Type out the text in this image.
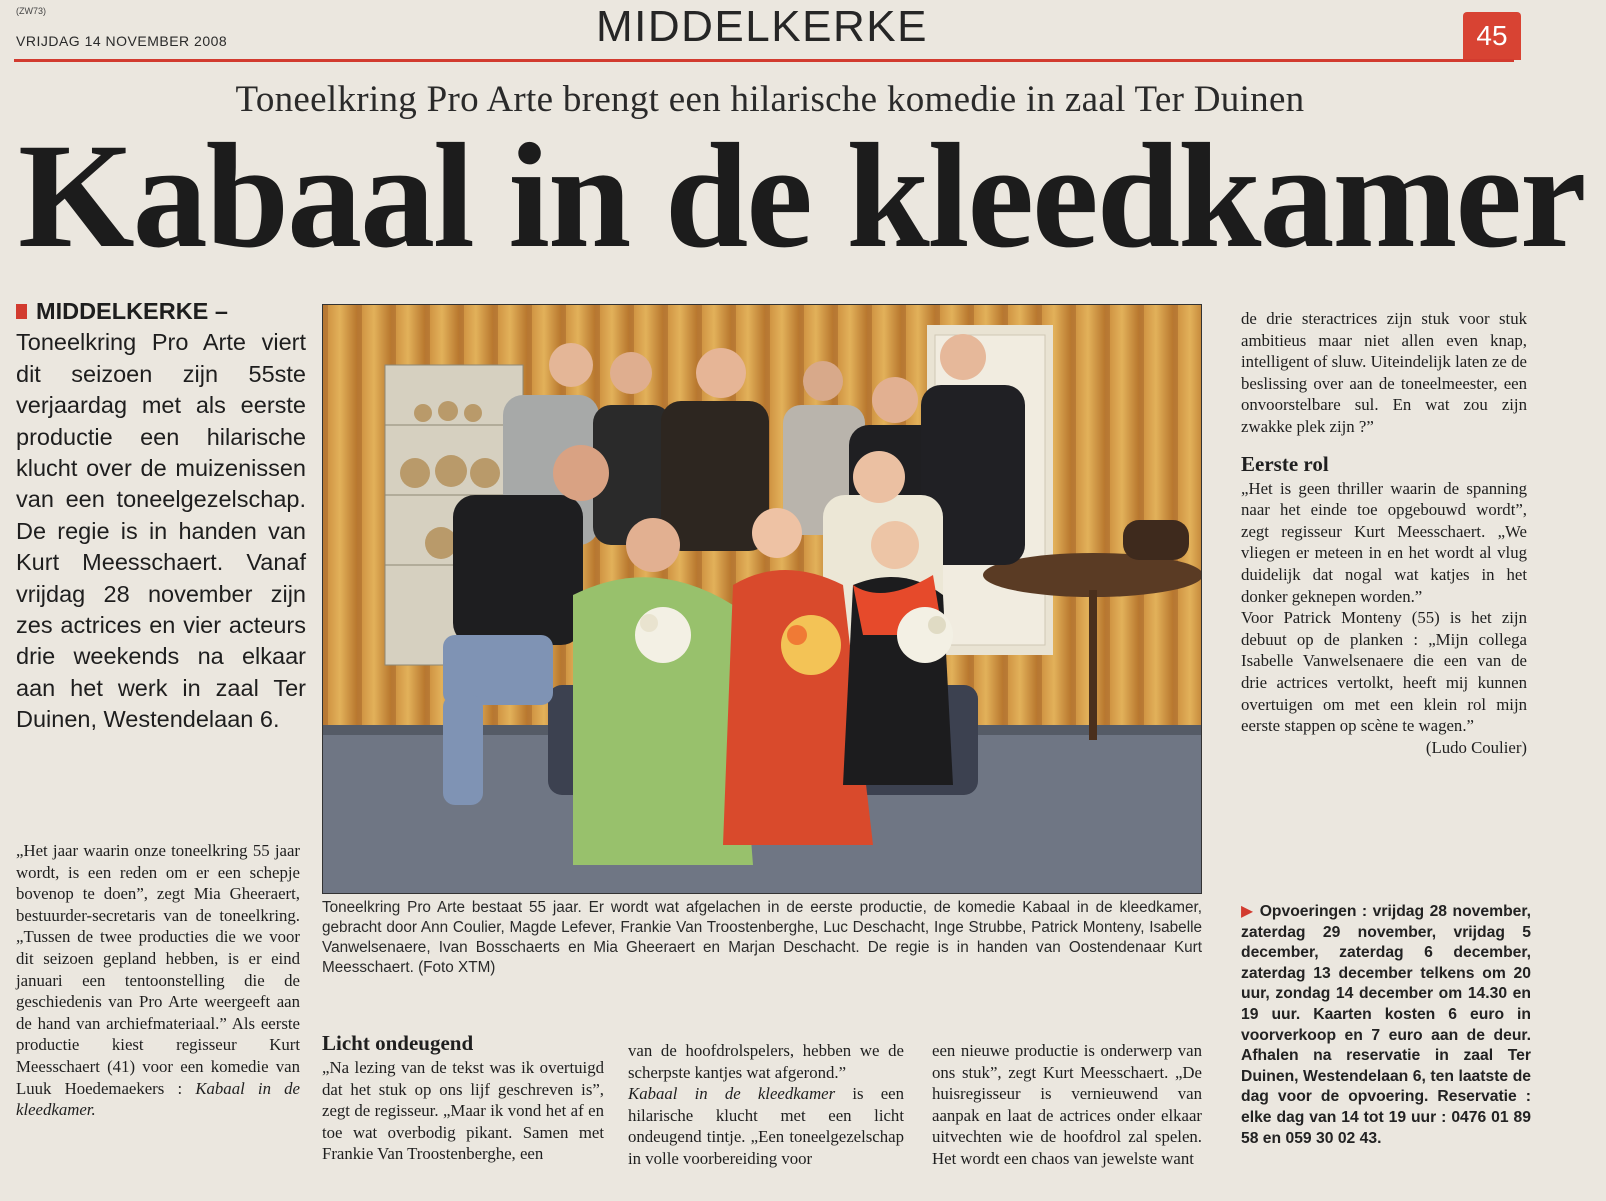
(ZW73)
VRIJDAG 14 NOVEMBER 2008	MIDDELKERKE	45
Toneelkring Pro Arte brengt een hilarische komedie in zaal Ter Duinen
Kabaal in de kleedkamer
MIDDELKERKE –

Toneelkring Pro Arte viert dit seizoen zijn 55ste verjaardag met als eerste productie een hilarische klucht over de muizenissen van een toneelgezelschap. De regie is in handen van Kurt Meesschaert. Vanaf vrijdag 28 november zijn zes actrices en vier acteurs drie weekends na elkaar aan het werk in zaal Ter Duinen, Westendelaan 6.

„Het jaar waarin onze toneelkring 55 jaar wordt, is een reden om er een schepje bovenop te doen”, zegt Mia Gheeraert, bestuurder-secretaris van de toneelkring. „Tussen de twee producties die we voor dit seizoen gepland hebben, is er eind januari een tentoonstelling die de geschiedenis van Pro Arte weergeeft aan de hand van archiefmateriaal.” Als eerste productie kiest regisseur Kurt Meesschaert (41) voor een komedie van Luuk Hoedemaekers : Kabaal in de kleedkamer.

Toneelkring Pro Arte bestaat 55 jaar. Er wordt wat afgelachen in de eerste productie, de komedie Kabaal in de kleedkamer, gebracht door Ann Coulier, Magde Lefever, Frankie Van Troostenberghe, Luc Deschacht, Inge Strubbe, Patrick Monteny, Isabelle Vanwelsenaere, Ivan Bosschaerts en Mia Gheeraert en Marjan Deschacht. De regie is in handen van Oostendenaar Kurt Meesschaert. (Foto XTM)
Licht ondeugend

„Na lezing van de tekst was ik overtuigd dat het stuk op ons lijf geschreven is”, zegt de regisseur. „Maar ik vond het af en toe wat overbodig pikant. Samen met Frankie Van Troostenberghe, een

van de hoofdrolspelers, hebben we de scherpste kantjes wat afgerond.”

Kabaal in de kleedkamer is een hilarische klucht met een licht ondeugend tintje. „Een toneelgezelschap in volle voorbereiding voor

een nieuwe productie is onderwerp van ons stuk”, zegt Kurt Meesschaert. „De huisregisseur is vernieuwend van aanpak en laat de actrices onder elkaar uitvechten wie de hoofdrol zal spelen. Het wordt een chaos van jewelste want

de drie steractrices zijn stuk voor stuk ambitieus maar niet allen even knap, intelligent of sluw. Uiteindelijk laten ze de beslissing over aan de toneelmeester, een onvoorstelbare sul. En wat zou zijn zwakke plek zijn ?”

Eerste rol

„Het is geen thriller waarin de spanning naar het einde toe opgebouwd wordt”, zegt regisseur Kurt Meesschaert. „We vliegen er meteen in en het wordt al vlug duidelijk dat nogal wat katjes in het donker geknepen worden.”

Voor Patrick Monteny (55) is het zijn debuut op de planken : „Mijn collega Isabelle Vanwelsenaere die een van de drie actrices vertolkt, heeft mij kunnen overtuigen om met een klein rol mijn eerste stappen op scène te wagen.”

(Ludo Coulier)

▶ Opvoeringen : vrijdag 28 november, zaterdag 29 november, vrijdag 5 december, zaterdag 6 december, zaterdag 13 december telkens om 20 uur, zondag 14 december om 14.30 en 19 uur. Kaarten kosten 6 euro in voorverkoop en 7 euro aan de deur. Afhalen na reservatie in zaal Ter Duinen, Westendelaan 6, ten laatste de dag voor de opvoering. Reservatie : elke dag van 14 tot 19 uur : 0476 01 89 58 en 059 30 02 43.
